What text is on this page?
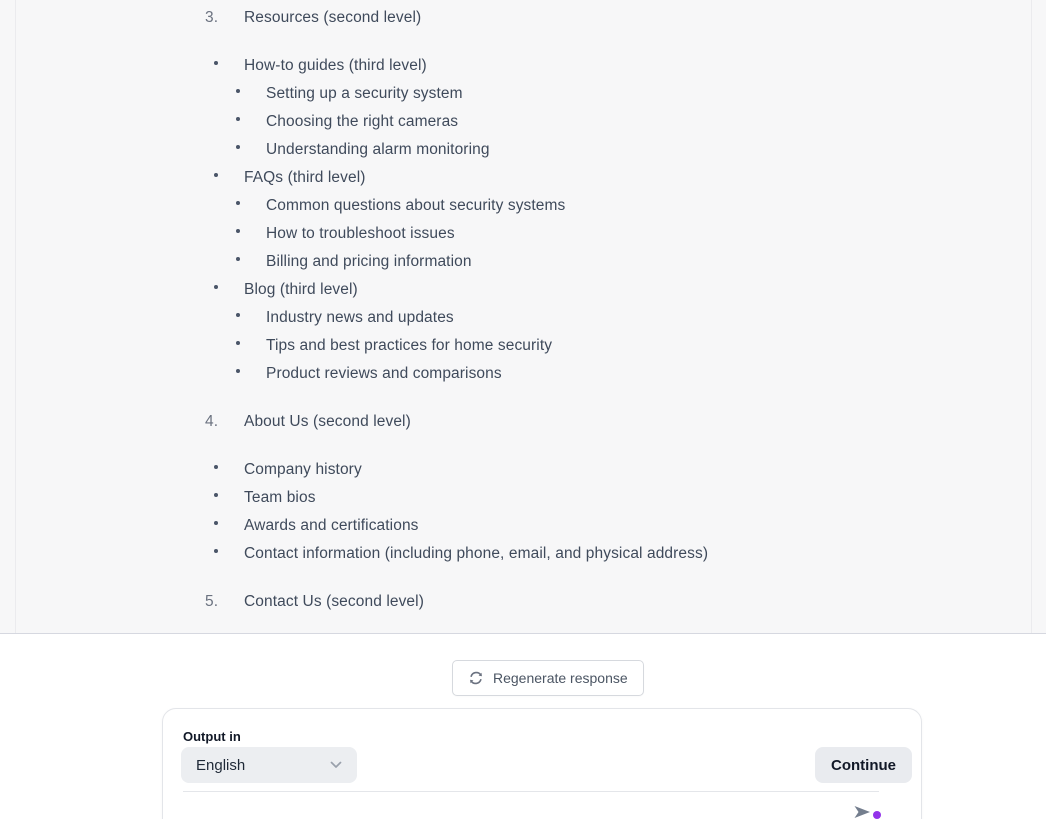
3.	Resources (second level)
How-to guides (third level)
Setting up a security system
Choosing the right cameras
Understanding alarm monitoring
FAQs (third level)
Common questions about security systems
How to troubleshoot issues
Billing and pricing information
Blog (third level)
Industry news and updates
Tips and best practices for home security
Product reviews and comparisons
4.	About Us (second level)
Company history
Team bios
Awards and certifications
Contact information (including phone, email, and physical address)
5.	Contact Us (second level)
Regenerate response
Output in
English	Continue
